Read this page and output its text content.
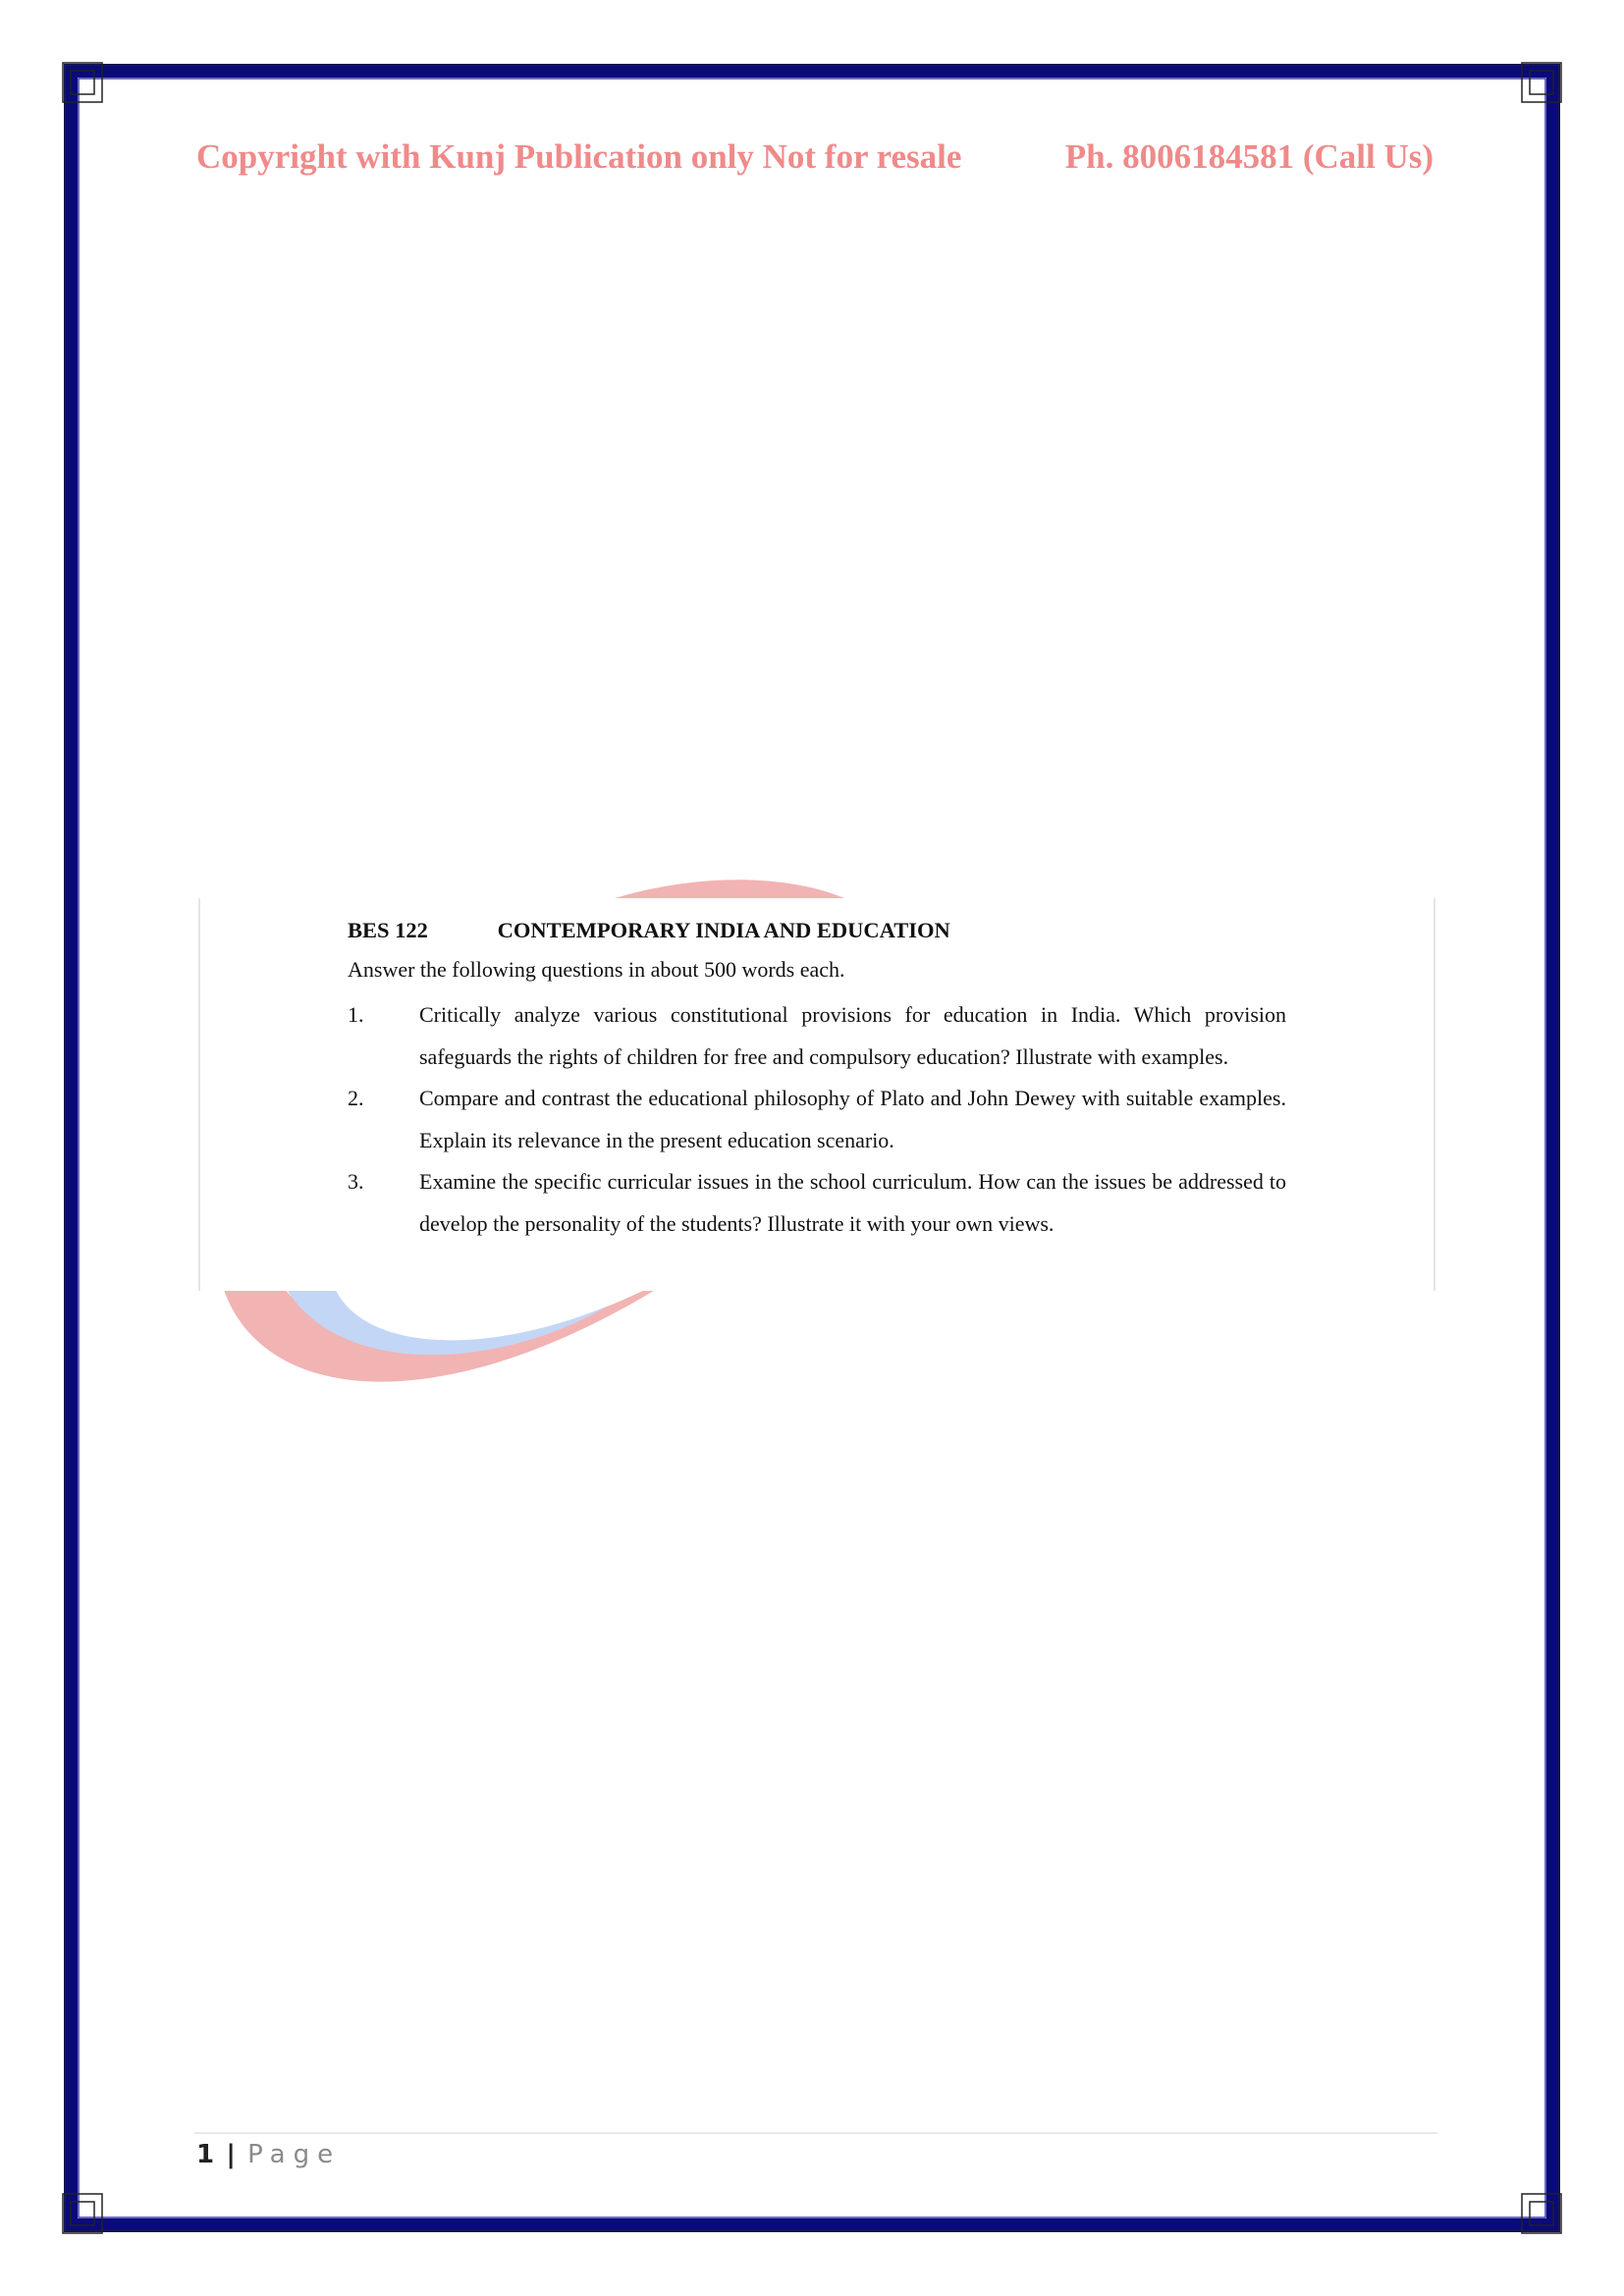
Copyright with Kunj Publication only Not for resale	Ph. 8006184581 (Call Us)
BES 122	CONTEMPORARY INDIA AND EDUCATION
Answer the following questions in about 500 words each.
1.	Critically analyze various constitutional provisions for education in India. Which provision safeguards the rights of children for free and compulsory education? Illustrate with examples.
2.	Compare and contrast the educational philosophy of Plato and John Dewey with suitable examples. Explain its relevance in the present education scenario.
3.	Examine the specific curricular issues in the school curriculum. How can the issues be addressed to develop the personality of the students? Illustrate it with your own views.
1 | Page
